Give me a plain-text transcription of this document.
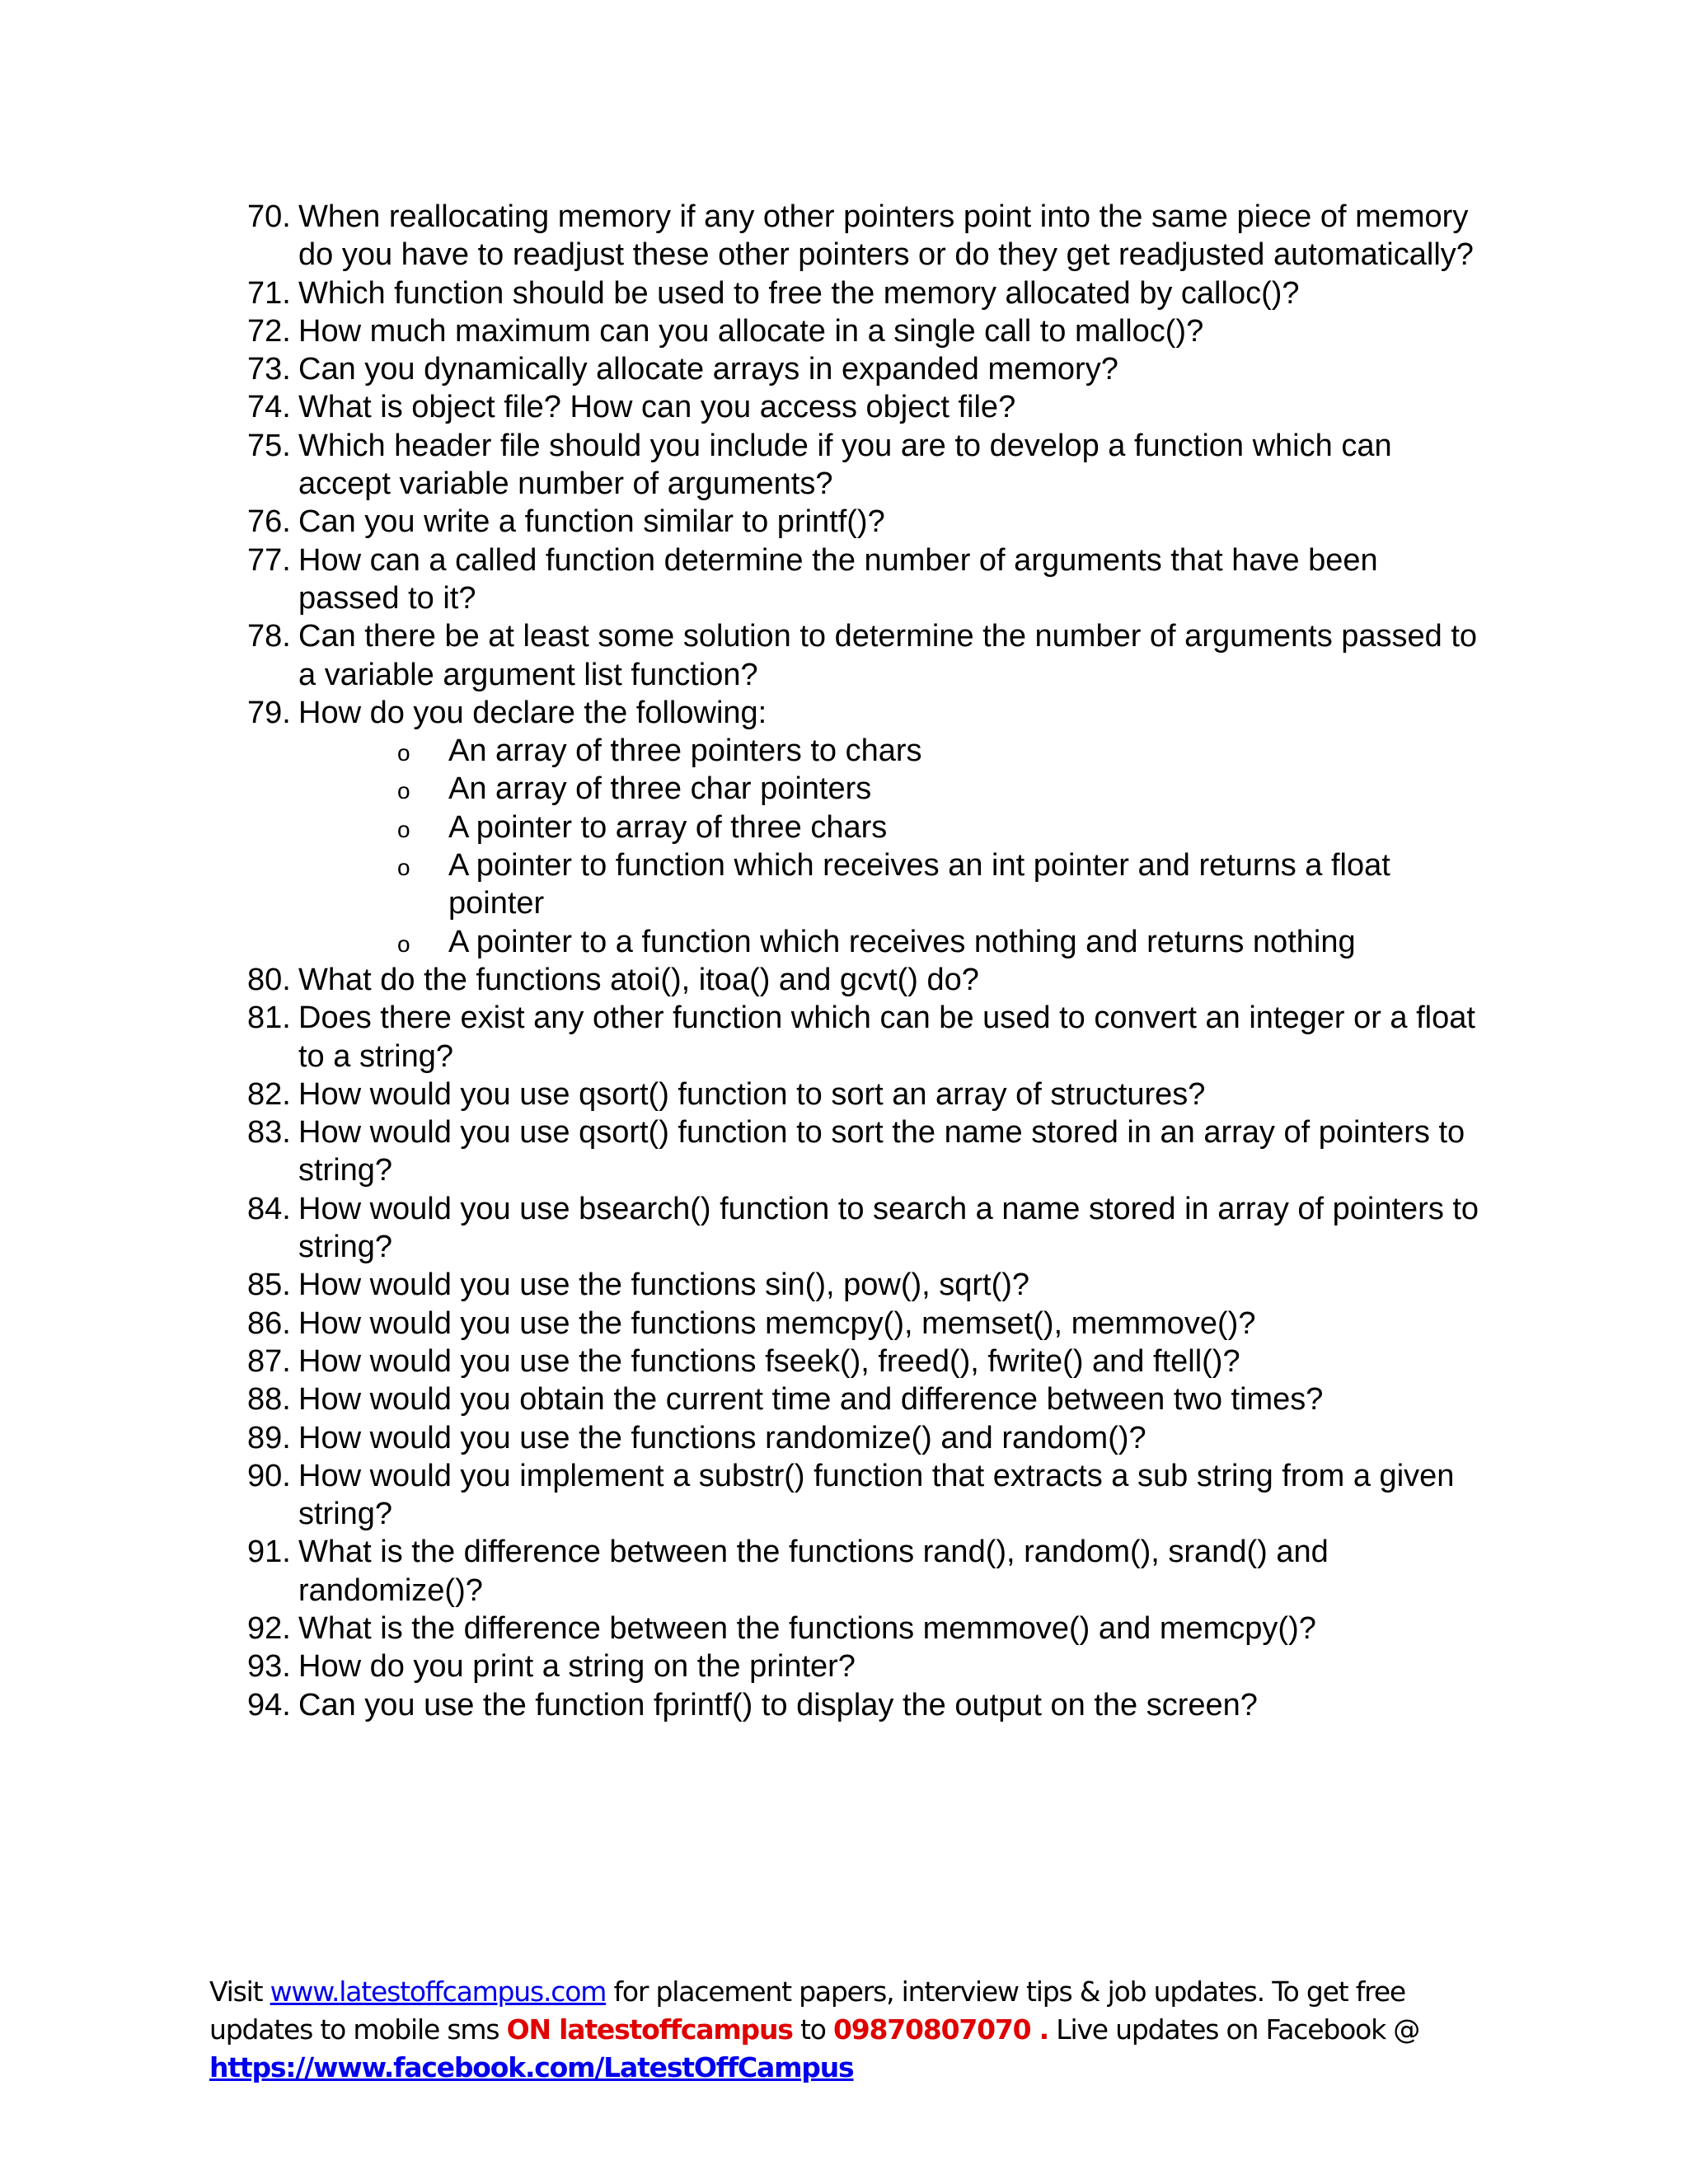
70. When reallocating memory if any other pointers point into the same piece of memory do you have to readjust these other pointers or do they get readjusted automatically?
71. Which function should be used to free the memory allocated by calloc()?
72. How much maximum can you allocate in a single call to malloc()?
73. Can you dynamically allocate arrays in expanded memory?
74. What is object file? How can you access object file?
75. Which header file should you include if you are to develop a function which can accept variable number of arguments?
76. Can you write a function similar to printf()?
77. How can a called function determine the number of arguments that have been passed to it?
78. Can there be at least some solution to determine the number of arguments passed to a variable argument list function?
79. How do you declare the following:
o An array of three pointers to chars
o An array of three char pointers
o A pointer to array of three chars
o A pointer to function which receives an int pointer and returns a float pointer
o A pointer to a function which receives nothing and returns nothing
80. What do the functions atoi(), itoa() and gcvt() do?
81. Does there exist any other function which can be used to convert an integer or a float to a string?
82. How would you use qsort() function to sort an array of structures?
83. How would you use qsort() function to sort the name stored in an array of pointers to string?
84. How would you use bsearch() function to search a name stored in array of pointers to string?
85. How would you use the functions sin(), pow(), sqrt()?
86. How would you use the functions memcpy(), memset(), memmove()?
87. How would you use the functions fseek(), freed(), fwrite() and ftell()?
88. How would you obtain the current time and difference between two times?
89. How would you use the functions randomize() and random()?
90. How would you implement a substr() function that extracts a sub string from a given string?
91. What is the difference between the functions rand(), random(), srand() and randomize()?
92. What is the difference between the functions memmove() and memcpy()?
93. How do you print a string on the printer?
94. Can you use the function fprintf() to display the output on the screen?
Visit www.latestoffcampus.com for placement papers, interview tips & job updates. To get free updates to mobile sms ON latestoffcampus to 09870807070 . Live updates on Facebook @
https://www.facebook.com/LatestOffCampus
